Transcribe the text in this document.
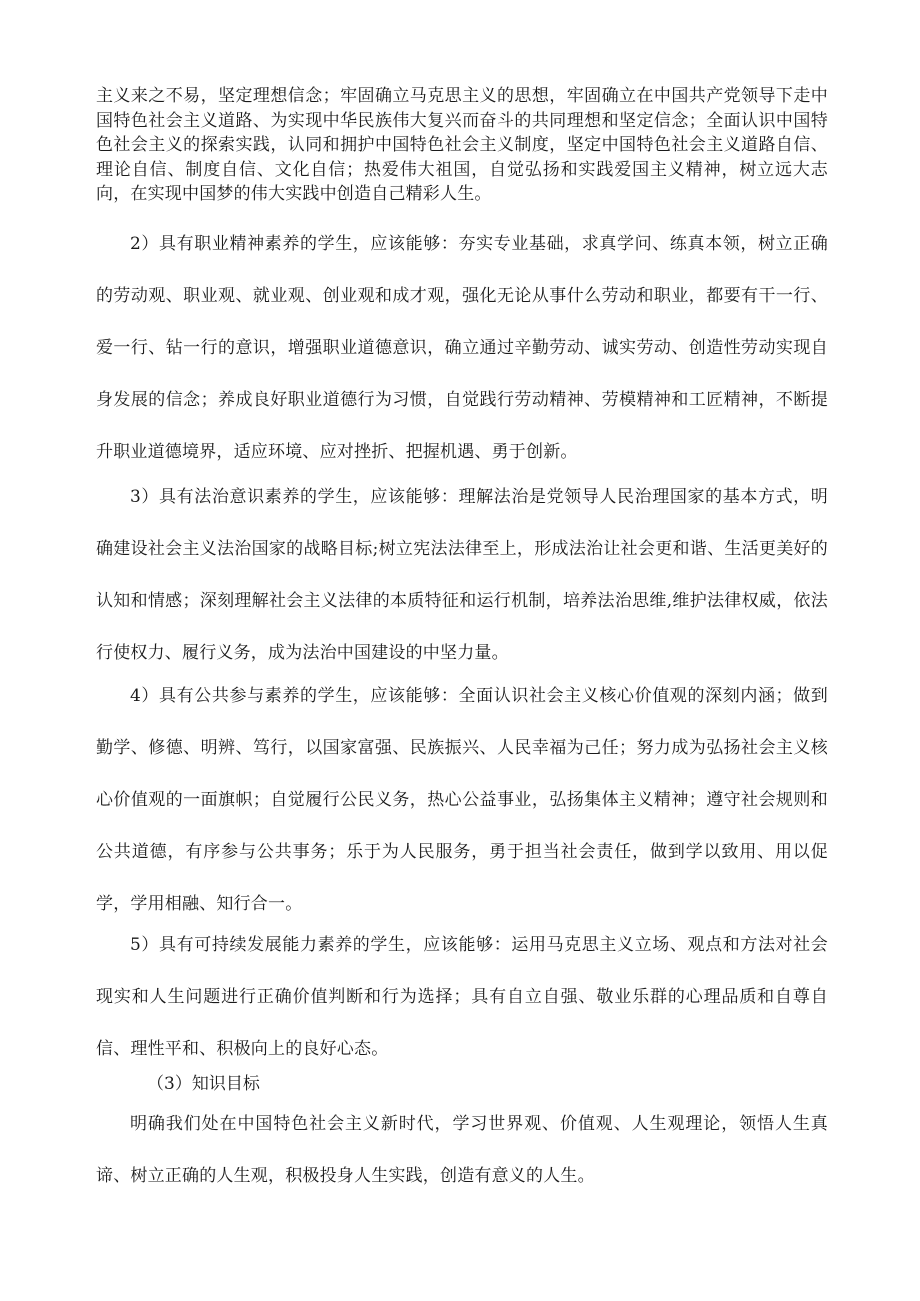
主义来之不易，坚定理想信念；牢固确立马克思主义的思想，牢固确立在中国共产党领导下走中国特色社会主义道路、为实现中华民族伟大复兴而奋斗的共同理想和坚定信念；全面认识中国特色社会主义的探索实践，认同和拥护中国特色社会主义制度，坚定中国特色社会主义道路自信、理论自信、制度自信、文化自信；热爱伟大祖国，自觉弘扬和实践爱国主义精神，树立远大志向，在实现中国梦的伟大实践中创造自己精彩人生。

2）具有职业精神素养的学生，应该能够：夯实专业基础，求真学问、练真本领，树立正确的劳动观、职业观、就业观、创业观和成才观，强化无论从事什么劳动和职业，都要有干一行、爱一行、钻一行的意识，增强职业道德意识，确立通过辛勤劳动、诚实劳动、创造性劳动实现自身发展的信念；养成良好职业道德行为习惯，自觉践行劳动精神、劳模精神和工匠精神，不断提升职业道德境界，适应环境、应对挫折、把握机遇、勇于创新。

3）具有法治意识素养的学生，应该能够：理解法治是党领导人民治理国家的基本方式，明确建设社会主义法治国家的战略目标;树立宪法法律至上，形成法治让社会更和谐、生活更美好的认知和情感；深刻理解社会主义法律的本质特征和运行机制，培养法治思维,维护法律权威，依法行使权力、履行义务，成为法治中国建设的中坚力量。

4）具有公共参与素养的学生，应该能够：全面认识社会主义核心价值观的深刻内涵；做到勤学、修德、明辨、笃行，以国家富强、民族振兴、人民幸福为己任；努力成为弘扬社会主义核心价值观的一面旗帜；自觉履行公民义务，热心公益事业，弘扬集体主义精神；遵守社会规则和公共道德，有序参与公共事务；乐于为人民服务，勇于担当社会责任，做到学以致用、用以促学，学用相融、知行合一。

5）具有可持续发展能力素养的学生，应该能够：运用马克思主义立场、观点和方法对社会现实和人生问题进行正确价值判断和行为选择；具有自立自强、敬业乐群的心理品质和自尊自信、理性平和、积极向上的良好心态。

（3）知识目标

明确我们处在中国特色社会主义新时代，学习世界观、价值观、人生观理论，领悟人生真谛、树立正确的人生观，积极投身人生实践，创造有意义的人生。
